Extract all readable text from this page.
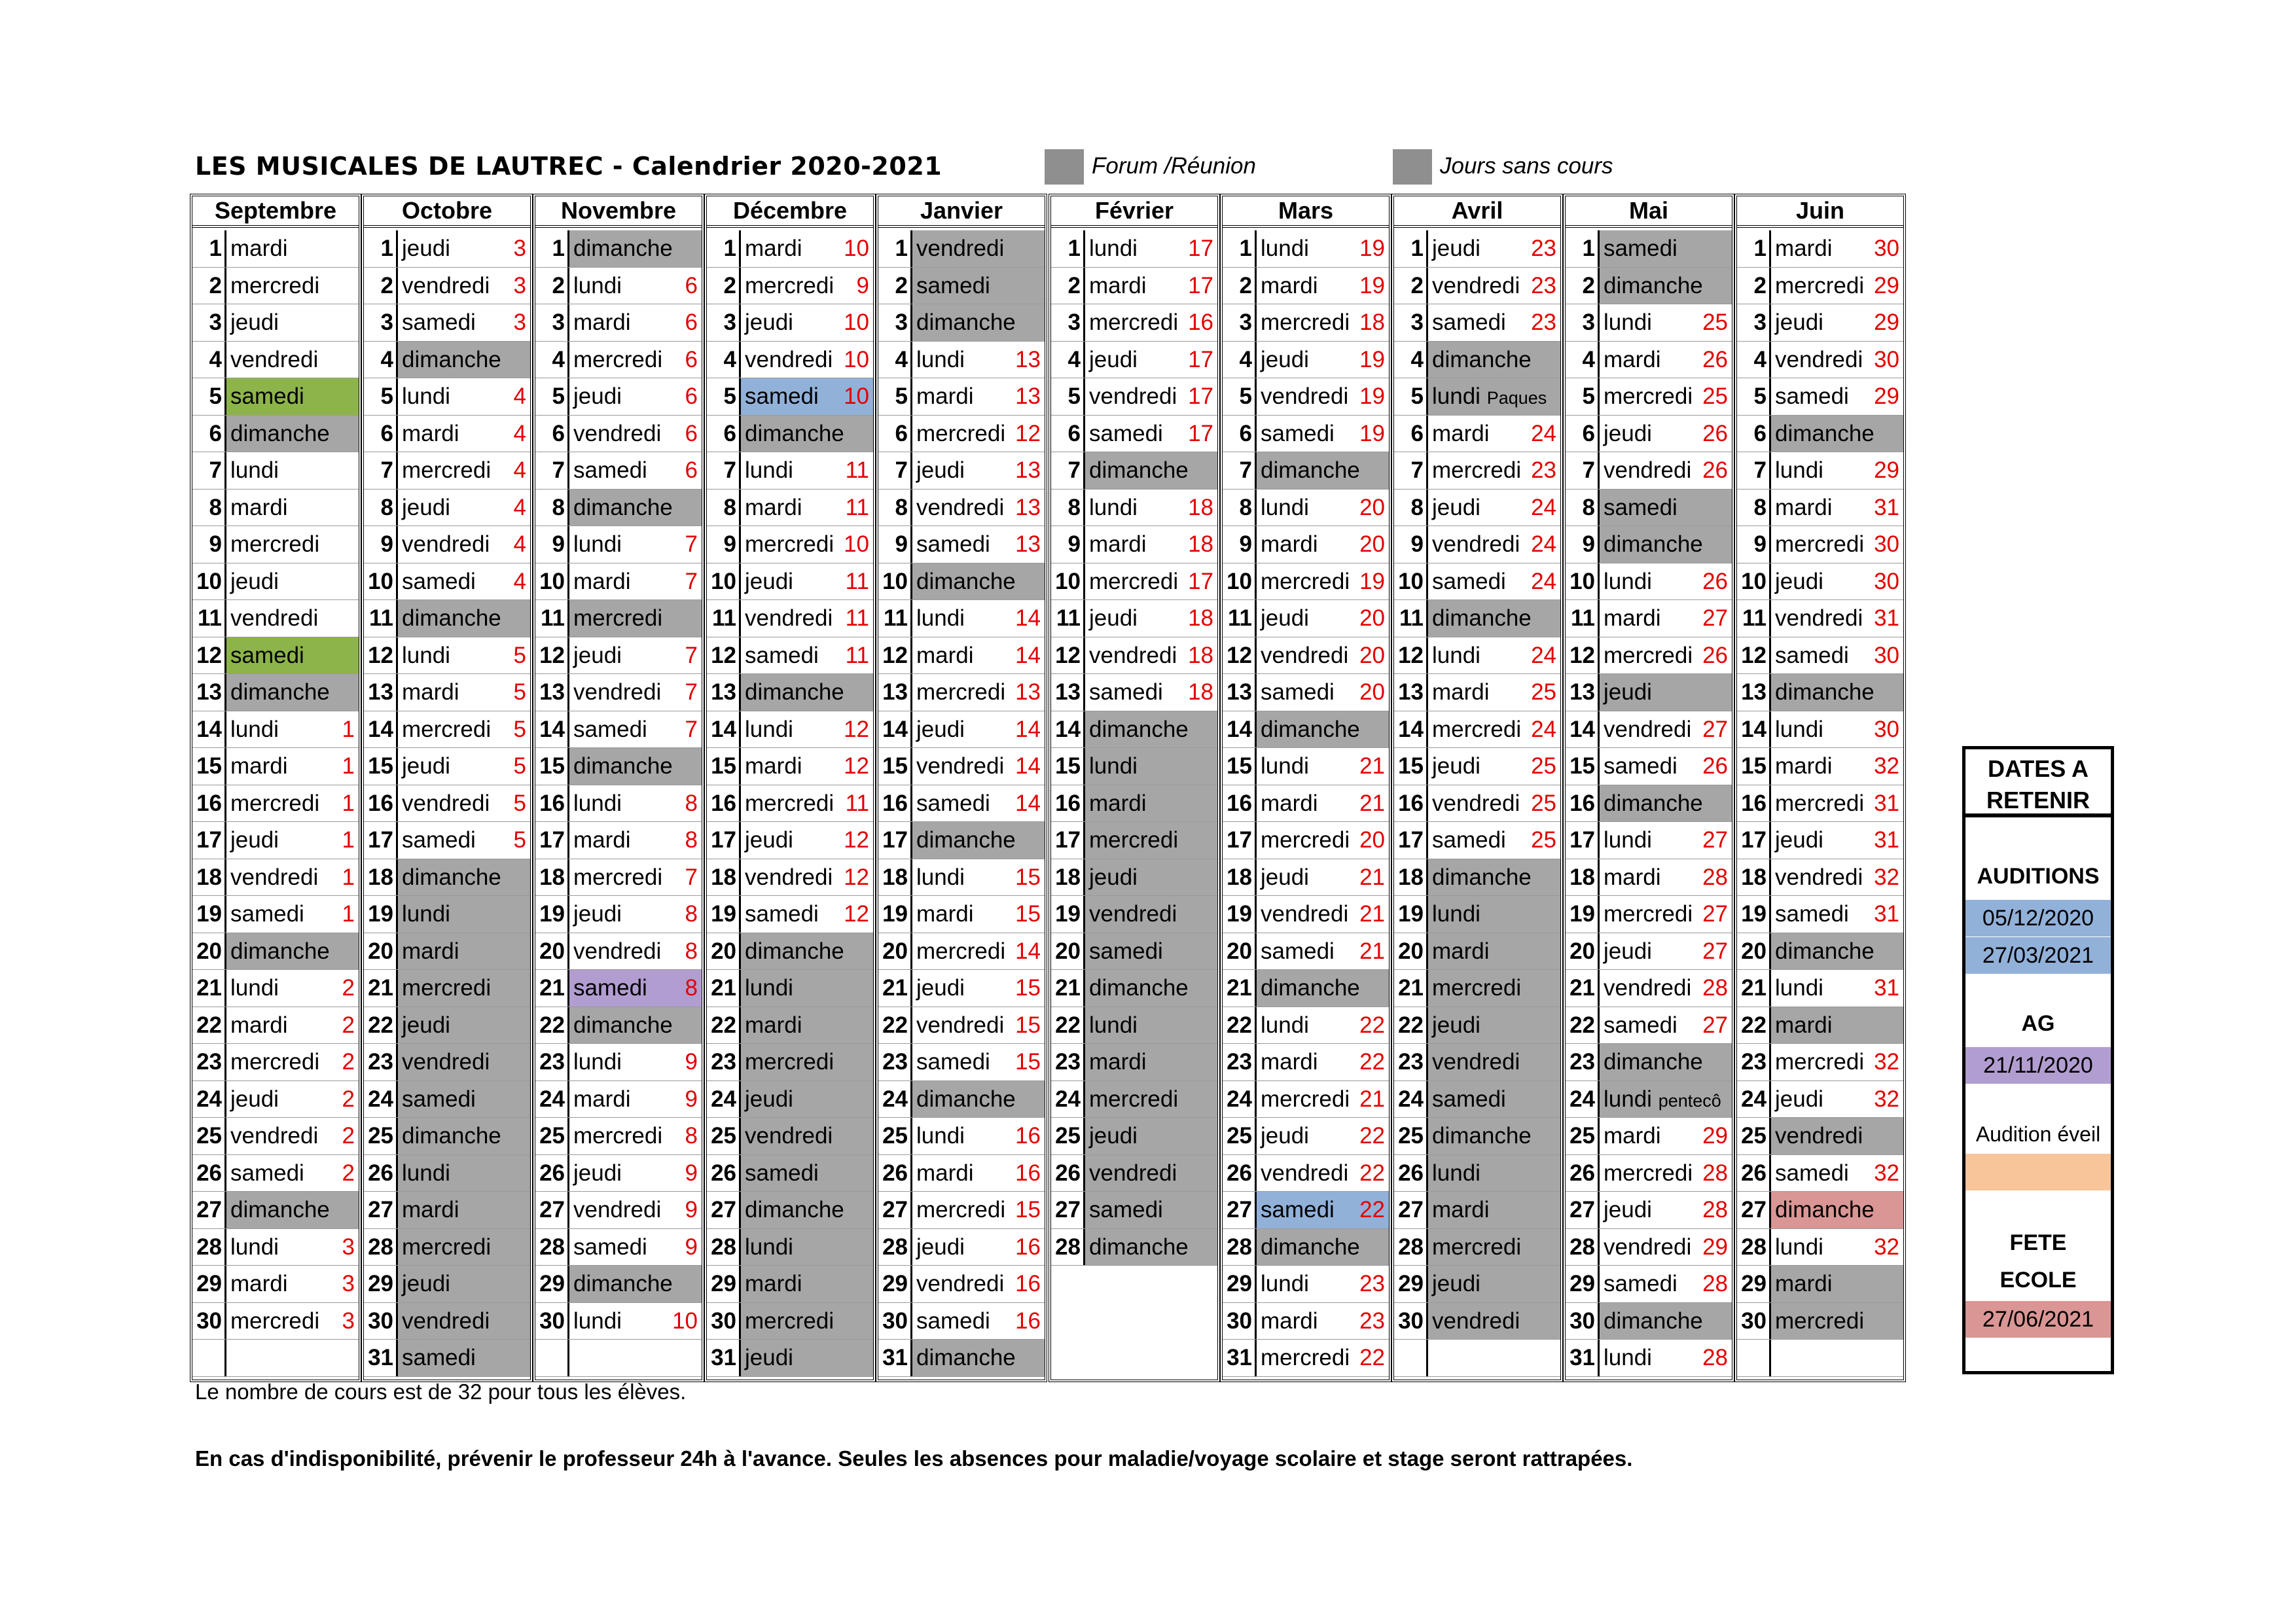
LES MUSICALES DE LAUTREC - Calendrier 2020-2021	Forum /Réunion	Jours sans cours
Septembre
1 mardi
2 mercredi
3 jeudi
4 vendredi
5 samedi
6 dimanche
7 lundi
8 mardi
9 mercredi
10 jeudi
11 vendredi
12 samedi
13 dimanche
14 lundi	1
15 mardi 1
16 mercredi 1
17 jeudi	1
18 vendredi 1
19 samedi 1
20 dimanche
21 lundi	2
22 mardi 2
23 mercredi 2
24 jeudi	2
25 vendredi 2
26 samedi 2
27 dimanche
28 lundi	3
29 mardi 3
30 mercredi 3
Octobre
1 jeudi	3
2 vendredi 3
3 samedi 3
4 dimanche
5 lundi	4
6 mardi 4
7 mercredi 4
8 jeudi	4
9 vendredi 4
10 samedi 4
11 dimanche
12 lundi	5
13 mardi 5
14 mercredi 5
15 jeudi	5
16 vendredi 5
17 samedi 5
18 dimanche
19 lundi
20 mardi
21 mercredi
22 jeudi
23 vendredi
24 samedi
25 dimanche
26 lundi
27 mardi
28 mercredi
29 jeudi
30 vendredi
31 samedi
Novembre
1 dimanche
2 lundi	6
3 mardi 6
4 mercredi 6
5 jeudi	6
6 vendredi 6
7 samedi 6
8 dimanche
9 lundi	7
10 mardi 7
11 mercredi
12 jeudi	7
13 vendredi 7
14 samedi 7
15 dimanche
16 lundi	8
17 mardi 8
18 mercredi 7
19 jeudi	8
20 vendredi 8
21 samedi 8
22 dimanche
23 lundi	9
24 mardi 9
25 mercredi 8
26 jeudi	9
27 vendredi 9
28 samedi 9
29 dimanche
30 lundi 10
Décembre
1 mardi 10
2 mercredi 9
3 jeudi 10
4 vendredi 10
5 samedi 10
6 dimanche
7 lundi 11
8 mardi 11
9 mercredi 10
10 jeudi 11
11 vendredi 11
12 samedi 11
13 dimanche
14 lundi 12
15 mardi 12
16 mercredi 11
17 jeudi 12
18 vendredi 12
19 samedi 12
20 dimanche
21 lundi
22 mardi
23 mercredi
24 jeudi
25 vendredi
26 samedi
27 dimanche
28 lundi
29 mardi
30 mercredi
31 jeudi
Janvier
1 vendredi
2 samedi
3 dimanche
4 lundi 13
5 mardi 13
6 mercredi 12
7 jeudi 13
8 vendredi 13
9 samedi 13
10 dimanche
11 lundi 14
12 mardi 14
13 mercredi 13
14 jeudi 14
15 vendredi 14
16 samedi 14
17 dimanche
18 lundi 15
19 mardi 15
20 mercredi 14
21 jeudi 15
22 vendredi 15
23 samedi 15
24 dimanche
25 lundi 16
26 mardi 16
27 mercredi 15
28 jeudi 16
29 vendredi 16
30 samedi 16
31 dimanche
Février
1 lundi 17
2 mardi 17
3 mercredi 16
4 jeudi 17
5 vendredi 17
6 samedi 17
7 dimanche
8 lundi 18
9 mardi 18
10 mercredi 17
11 jeudi 18
12 vendredi 18
13 samedi 18
14 dimanche
15 lundi
16 mardi
17 mercredi
18 jeudi
19 vendredi
20 samedi
21 dimanche
22 lundi
23 mardi
24 mercredi
25 jeudi
26 vendredi
27 samedi
28 dimanche
Mars
1 lundi 19
2 mardi 19
3 mercredi 18
4 jeudi 19
5 vendredi 19
6 samedi 19
7 dimanche
8 lundi 20
9 mardi 20
10 mercredi 19
11 jeudi 20
12 vendredi 20
13 samedi 20
14 dimanche
15 lundi 21
16 mardi 21
17 mercredi 20
18 jeudi 21
19 vendredi 21
20 samedi 21
21 dimanche
22 lundi 22
23 mardi 22
24 mercredi 21
25 jeudi 22
26 vendredi 22
27 samedi 22
28 dimanche
29 lundi 23
30 mardi 23
31 mercredi 22
Avril
1 jeudi 23
2 vendredi 23
3 samedi 23
4 dimanche
5 lundi Paques
6 mardi 24
7 mercredi 23
8 jeudi 24
9 vendredi 24
10 samedi 24
11 dimanche
12 lundi 24
13 mardi 25
14 mercredi 24
15 jeudi 25
16 vendredi 25
17 samedi 25
18 dimanche
19 lundi
20 mardi
21 mercredi
22 jeudi
23 vendredi
24 samedi
25 dimanche
26 lundi
27 mardi
28 mercredi
29 jeudi
30 vendredi
Mai
1 samedi
2 dimanche
3 lundi 25
4 mardi 26
5 mercredi 25
6 jeudi 26
7 vendredi 26
8 samedi
9 dimanche
10 lundi 26
11 mardi 27
12 mercredi 26
13 jeudi
14 vendredi 27
15 samedi 26
16 dimanche
17 lundi 27
18 mardi 28
19 mercredi 27
20 jeudi 27
21 vendredi 28
22 samedi 27
23 dimanche
24 lundi pentecô
25 mardi 29
26 mercredi 28
27 jeudi 28
28 vendredi 29
29 samedi 28
30 dimanche
31 lundi 28
Juin
1 mardi 30
2 mercredi 29
3 jeudi 29
4 vendredi 30
5 samedi 29
6 dimanche
7 lundi 29
8 mardi 31
9 mercredi 30
10 jeudi 30
11 vendredi 31
12 samedi 30
13 dimanche
14 lundi 30
15 mardi 32
16 mercredi 31
17 jeudi 31
18 vendredi 32
19 samedi 31
20 dimanche
21 lundi 31
22 mardi
23 mercredi 32
24 jeudi 32
25 vendredi
26 samedi 32
27 dimanche
28 lundi 32
29 mardi
30 mercredi
Le nombre de cours est de 32 pour tous les élèves.
En cas d'indisponibilité, prévenir le professeur 24h à l'avance. Seules les absences pour maladie/voyage scolaire et stage seront rattrapées.
DATES A
RETENIR
AUDITIONS
05/12/2020
27/03/2021
AG
21/11/2020
Audition éveil
FETE
ECOLE
27/06/2021
